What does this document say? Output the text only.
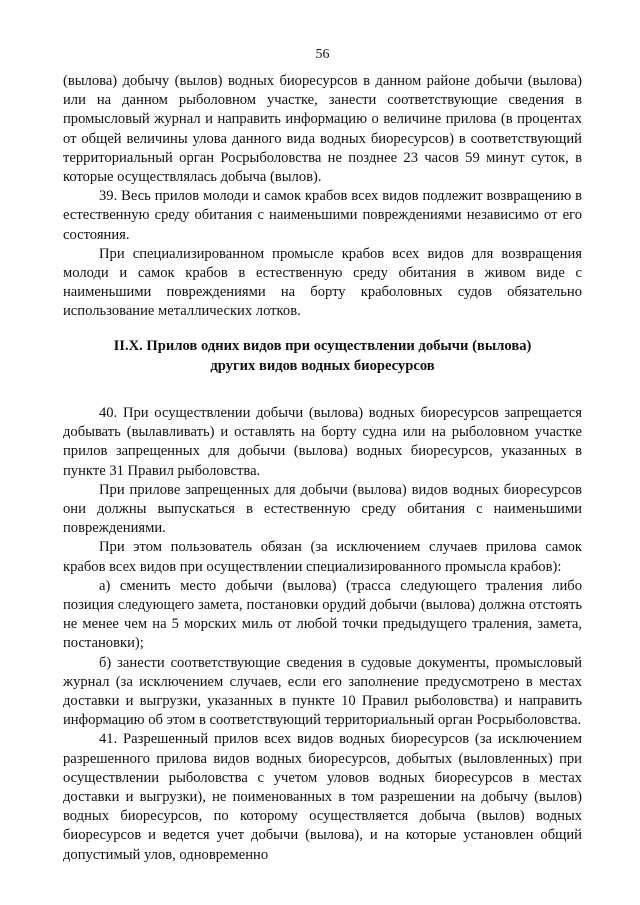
56

(вылова) добычу (вылов) водных биоресурсов в данном районе добычи (вылова) или на данном рыболовном участке, занести соответствующие сведения в промысловый журнал и направить информацию о величине прилова (в процентах от общей величины улова данного вида водных биоресурсов) в соответствующий территориальный орган Росрыболовства не позднее 23 часов 59 минут суток, в которые осуществлялась добыча (вылов).

39. Весь прилов молоди и самок крабов всех видов подлежит возвращению в естественную среду обитания с наименьшими повреждениями независимо от его состояния.

При специализированном промысле крабов всех видов для возвращения молоди и самок крабов в естественную среду обитания в живом виде с наименьшими повреждениями на борту краболовных судов обязательно использование металлических лотков.

II.Х. Прилов одних видов при осуществлении добычи (вылова)
других видов водных биоресурсов

40. При осуществлении добычи (вылова) водных биоресурсов запрещается добывать (вылавливать) и оставлять на борту судна или на рыболовном участке прилов запрещенных для добычи (вылова) водных биоресурсов, указанных в пункте 31 Правил рыболовства.

При прилове запрещенных для добычи (вылова) видов водных биоресурсов они должны выпускаться в естественную среду обитания с наименьшими повреждениями.

При этом пользователь обязан (за исключением случаев прилова самок крабов всех видов при осуществлении специализированного промысла крабов):

а) сменить место добычи (вылова) (трасса следующего траления либо позиция следующего замета, постановки орудий добычи (вылова) должна отстоять не менее чем на 5 морских миль от любой точки предыдущего траления, замета, постановки);

б) занести соответствующие сведения в судовые документы, промысловый журнал (за исключением случаев, если его заполнение предусмотрено в местах доставки и выгрузки, указанных в пункте 10 Правил рыболовства) и направить информацию об этом в соответствующий территориальный орган Росрыболовства.

41. Разрешенный прилов всех видов водных биоресурсов (за исключением разрешенного прилова видов водных биоресурсов, добытых (выловленных) при осуществлении рыболовства с учетом уловов водных биоресурсов в местах доставки и выгрузки), не поименованных в том разрешении на добычу (вылов) водных биоресурсов, по которому осуществляется добыча (вылов) водных биоресурсов и ведется учет добычи (вылова), и на которые установлен общий допустимый улов, одновременно
